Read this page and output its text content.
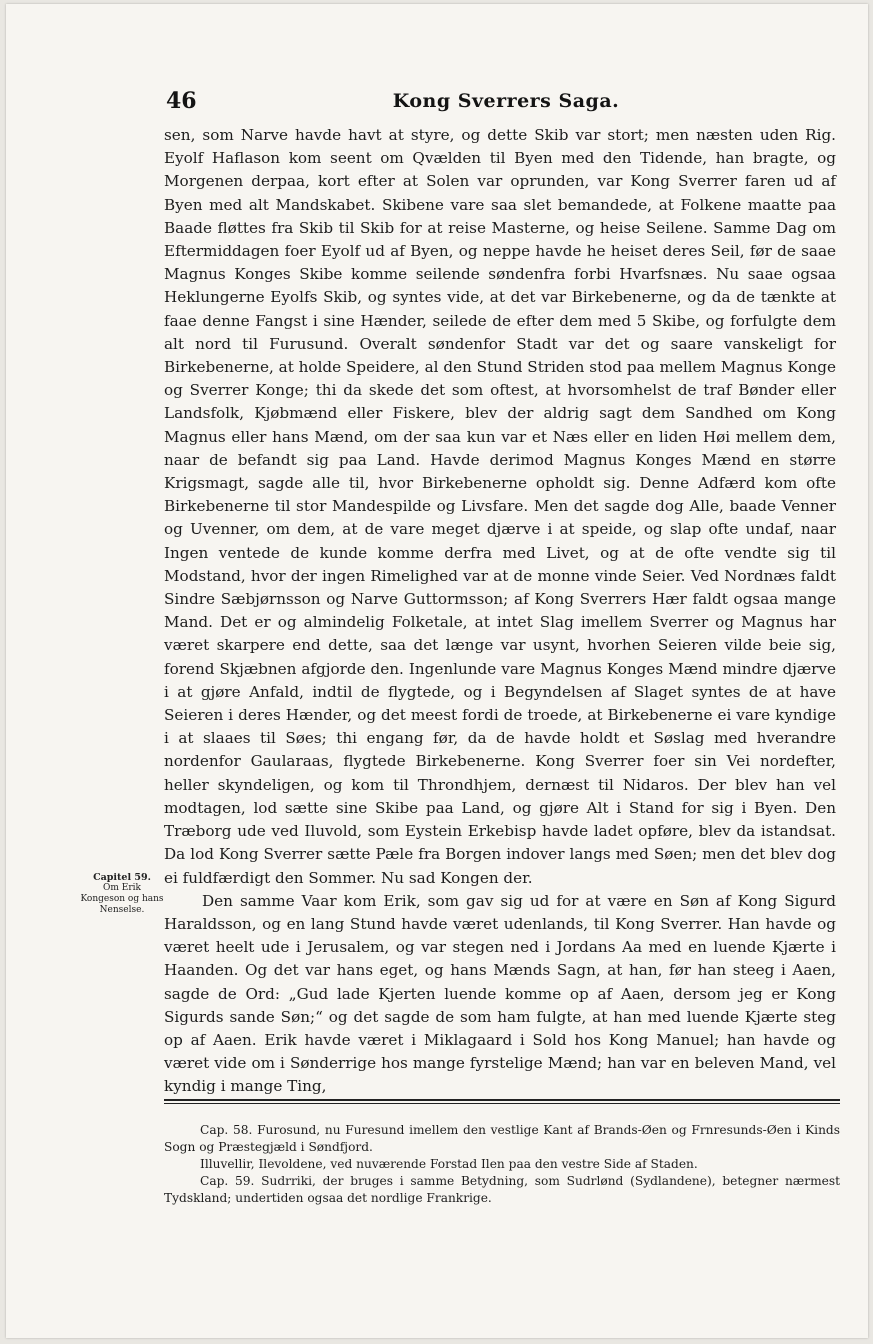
46	Kong Sverrers Saga.

sen, som Narve havde havt at styre, og dette Skib var stort; men næsten uden Rig. Eyolf Haflason kom seent om Qvælden til Byen med den Tidende, han bragte, og Morgenen derpaa, kort efter at Solen var oprunden, var Kong Sverrer faren ud af Byen med alt Mandskabet. Skibene vare saa slet bemandede, at Folkene maatte paa Baade fløttes fra Skib til Skib for at reise Masterne, og heise Seilene. Samme Dag om Eftermiddagen foer Eyolf ud af Byen, og neppe havde he heiset deres Seil, før de saae Magnus Konges Skibe komme seilende søndenfra forbi Hvarfsnæs. Nu saae ogsaa Heklungerne Eyolfs Skib, og syntes vide, at det var Birkebenerne, og da de tænkte at faae denne Fangst i sine Hænder, seilede de efter dem med 5 Skibe, og forfulgte dem alt nord til Furusund. Overalt søndenfor Stadt var det og saare vanskeligt for Birkebenerne, at holde Speidere, al den Stund Striden stod paa mellem Magnus Konge og Sverrer Konge; thi da skede det som oftest, at hvorsomhelst de traf Bønder eller Landsfolk, Kjøbmænd eller Fiskere, blev der aldrig sagt dem Sandhed om Kong Magnus eller hans Mænd, om der saa kun var et Næs eller en liden Høi mellem dem, naar de befandt sig paa Land. Havde derimod Magnus Konges Mænd en større Krigsmagt, sagde alle til, hvor Birkebenerne opholdt sig. Denne Adfærd kom ofte Birkebenerne til stor Mandespilde og Livsfare. Men det sagde dog Alle, baade Venner og Uvenner, om dem, at de vare meget djærve i at speide, og slap ofte undaf, naar Ingen ventede de kunde komme derfra med Livet, og at de ofte vendte sig til Modstand, hvor der ingen Rimelighed var at de monne vinde Seier. Ved Nordnæs faldt Sindre Sæbjørnsson og Narve Guttormsson; af Kong Sverrers Hær faldt ogsaa mange Mand. Det er og almindelig Folketale, at intet Slag imellem Sverrer og Magnus har været skarpere end dette, saa det længe var usynt, hvorhen Seieren vilde beie sig, forend Skjæbnen afgjorde den. Ingenlunde vare Magnus Konges Mænd mindre djærve i at gjøre Anfald, indtil de flygtede, og i Begyndelsen af Slaget syntes de at have Seieren i deres Hænder, og det meest fordi de troede, at Birkebenerne ei vare kyndige i at slaaes til Søes; thi engang før, da de havde holdt et Søslag med hverandre nordenfor Gaularaas, flygtede Birkebenerne. Kong Sverrer foer sin Vei nordefter, heller skyndeligen, og kom til Throndhjem, dernæst til Nidaros. Der blev han vel modtagen, lod sætte sine Skibe paa Land, og gjøre Alt i Stand for sig i Byen. Den Træborg ude ved Iluvold, som Eystein Erkebisp havde ladet opføre, blev da istandsat. Da lod Kong Sverrer sætte Pæle fra Borgen indover langs med Søen; men det blev dog ei fuldfærdigt den Sommer. Nu sad Kongen der.

Den samme Vaar kom Erik, som gav sig ud for at være en Søn af Kong Sigurd Haraldsson, og en lang Stund havde været udenlands, til Kong Sverrer. Han havde og været heelt ude i Jerusalem, og var stegen ned i Jordans Aa med en luende Kjærte i Haanden. Og det var hans eget, og hans Mænds Sagn, at han, før han steeg i Aaen, sagde de Ord: „Gud lade Kjerten luende komme op af Aaen, dersom jeg er Kong Sigurds sande Søn;“ og det sagde de som ham fulgte, at han med luende Kjærte steg op af Aaen. Erik havde været i Miklagaard i Sold hos Kong Manuel; han havde og været vide om i Sønderrige hos mange fyrstelige Mænd; han var en beleven Mand, vel kyndig i mange Ting,

Capitel 59.
Om Erik Kongeson og hans Nenselse.

Cap. 58. Furosund, nu Furesund imellem den vestlige Kant af Brands-Øen og Frnresunds-Øen i Kinds Sogn og Præstegjæld i Søndfjord.

Illuvellir, Ilevoldene, ved nuværende Forstad Ilen paa den vestre Side af Staden.

Cap. 59. Sudrriki, der bruges i samme Betydning, som Sudrlønd (Sydlandene), betegner nærmest Tydskland; undertiden ogsaa det nordlige Frankrige.
